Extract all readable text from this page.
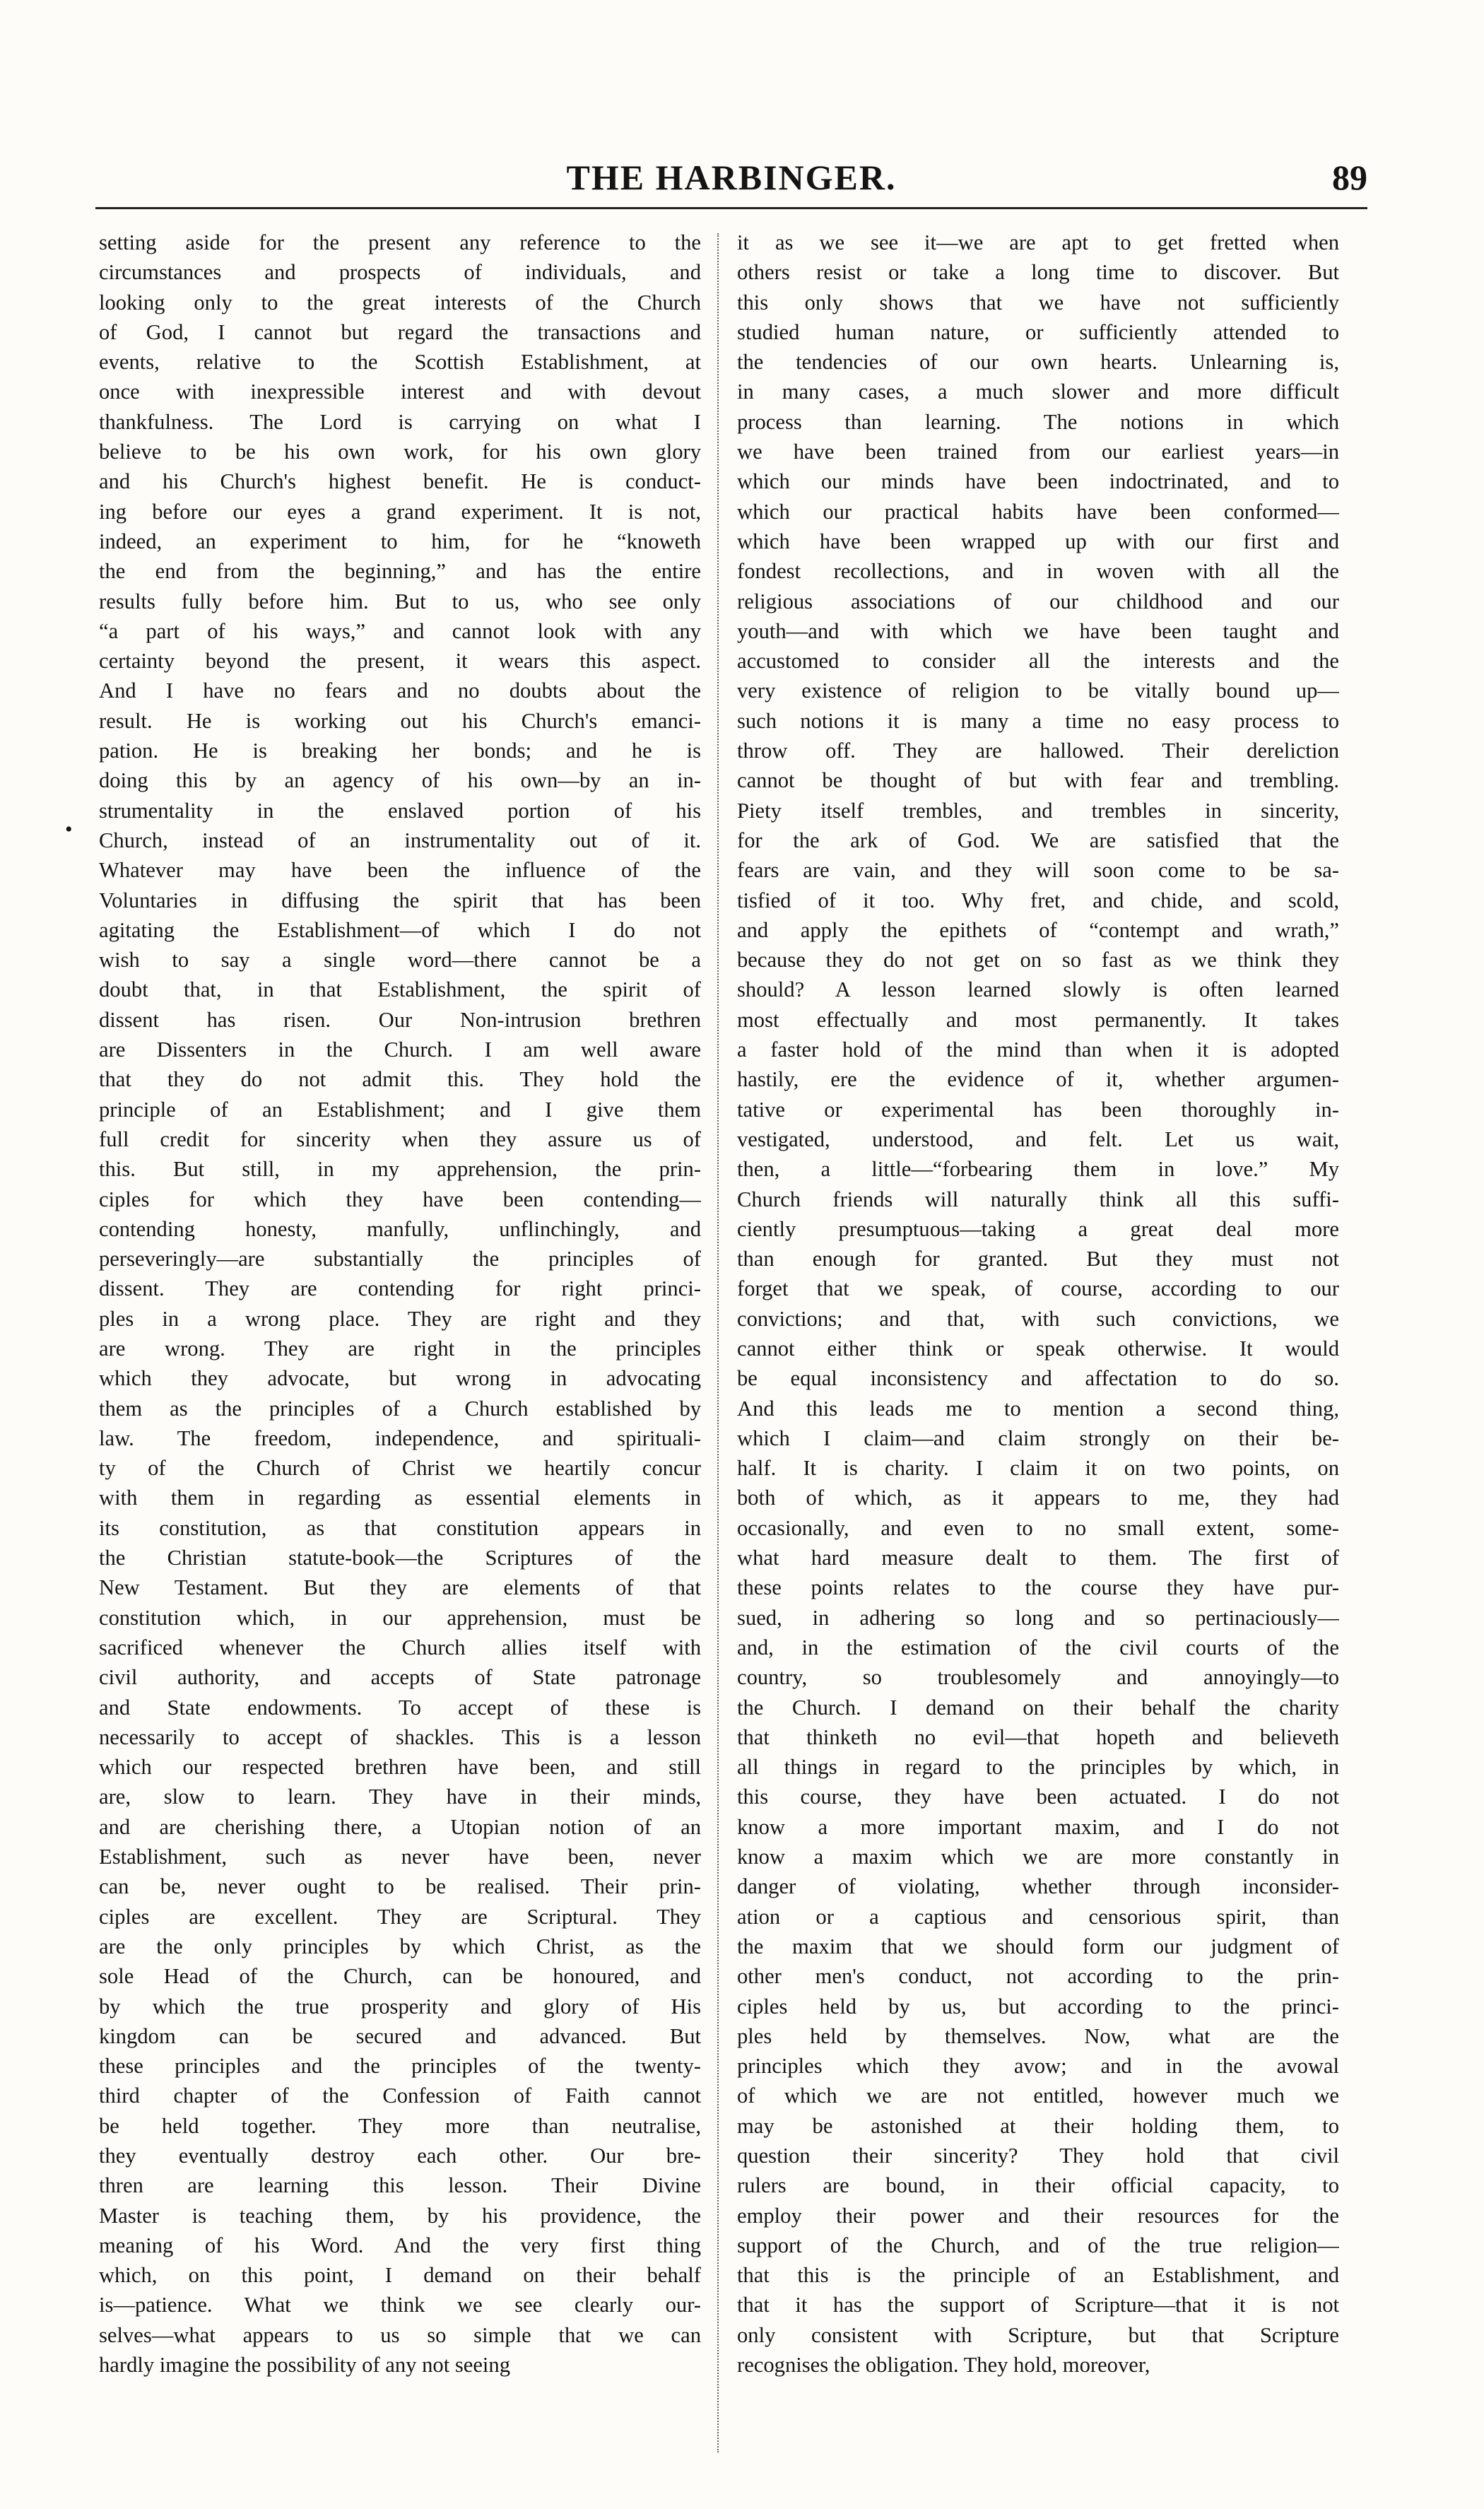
THE HARBINGER.	89
•
setting aside for the present any reference to the
circumstances and prospects of individuals, and
looking only to the great interests of the Church
of God, I cannot but regard the transactions and
events, relative to the Scottish Establishment, at
once with inexpressible interest and with devout
thankfulness. The Lord is carrying on what I
believe to be his own work, for his own glory
and his Church's highest benefit. He is conduct-
ing before our eyes a grand experiment. It is not,
indeed, an experiment to him, for he “knoweth
the end from the beginning,” and has the entire
results fully before him. But to us, who see only
“a part of his ways,” and cannot look with any
certainty beyond the present, it wears this aspect.
And I have no fears and no doubts about the
result. He is working out his Church's emanci-
pation. He is breaking her bonds; and he is
doing this by an agency of his own—by an in-
strumentality in the enslaved portion of his
Church, instead of an instrumentality out of it.
Whatever may have been the influence of the
Voluntaries in diffusing the spirit that has been
agitating the Establishment—of which I do not
wish to say a single word—there cannot be a
doubt that, in that Establishment, the spirit of
dissent has risen. Our Non-intrusion brethren
are Dissenters in the Church. I am well aware
that they do not admit this. They hold the
principle of an Establishment; and I give them
full credit for sincerity when they assure us of
this. But still, in my apprehension, the prin-
ciples for which they have been contending—
contending honesty, manfully, unflinchingly, and
perseveringly—are substantially the principles of
dissent. They are contending for right princi-
ples in a wrong place. They are right and they
are wrong. They are right in the principles
which they advocate, but wrong in advocating
them as the principles of a Church established by
law. The freedom, independence, and spirituali-
ty of the Church of Christ we heartily concur
with them in regarding as essential elements in
its constitution, as that constitution appears in
the Christian statute-book—the Scriptures of the
New Testament. But they are elements of that
constitution which, in our apprehension, must be
sacrificed whenever the Church allies itself with
civil authority, and accepts of State patronage
and State endowments. To accept of these is
necessarily to accept of shackles. This is a lesson
which our respected brethren have been, and still
are, slow to learn. They have in their minds,
and are cherishing there, a Utopian notion of an
Establishment, such as never have been, never
can be, never ought to be realised. Their prin-
ciples are excellent. They are Scriptural. They
are the only principles by which Christ, as the
sole Head of the Church, can be honoured, and
by which the true prosperity and glory of His
kingdom can be secured and advanced. But
these principles and the principles of the twenty-
third chapter of the Confession of Faith cannot
be held together. They more than neutralise,
they eventually destroy each other. Our bre-
thren are learning this lesson. Their Divine
Master is teaching them, by his providence, the
meaning of his Word. And the very first thing
which, on this point, I demand on their behalf
is—patience. What we think we see clearly our-
selves—what appears to us so simple that we can
hardly imagine the possibility of any not seeing
it as we see it—we are apt to get fretted when
others resist or take a long time to discover. But
this only shows that we have not sufficiently
studied human nature, or sufficiently attended to
the tendencies of our own hearts. Unlearning is,
in many cases, a much slower and more difficult
process than learning. The notions in which
we have been trained from our earliest years—in
which our minds have been indoctrinated, and to
which our practical habits have been conformed—
which have been wrapped up with our first and
fondest recollections, and in woven with all the
religious associations of our childhood and our
youth—and with which we have been taught and
accustomed to consider all the interests and the
very existence of religion to be vitally bound up—
such notions it is many a time no easy process to
throw off. They are hallowed. Their dereliction
cannot be thought of but with fear and trembling.
Piety itself trembles, and trembles in sincerity,
for the ark of God. We are satisfied that the
fears are vain, and they will soon come to be sa-
tisfied of it too. Why fret, and chide, and scold,
and apply the epithets of “contempt and wrath,”
because they do not get on so fast as we think they
should? A lesson learned slowly is often learned
most effectually and most permanently. It takes
a faster hold of the mind than when it is adopted
hastily, ere the evidence of it, whether argumen-
tative or experimental has been thoroughly in-
vestigated, understood, and felt. Let us wait,
then, a little—“forbearing them in love.” My
Church friends will naturally think all this suffi-
ciently presumptuous—taking a great deal more
than enough for granted. But they must not
forget that we speak, of course, according to our
convictions; and that, with such convictions, we
cannot either think or speak otherwise. It would
be equal inconsistency and affectation to do so.
And this leads me to mention a second thing,
which I claim—and claim strongly on their be-
half. It is charity. I claim it on two points, on
both of which, as it appears to me, they had
occasionally, and even to no small extent, some-
what hard measure dealt to them. The first of
these points relates to the course they have pur-
sued, in adhering so long and so pertinaciously—
and, in the estimation of the civil courts of the
country, so troublesomely and annoyingly—to
the Church. I demand on their behalf the charity
that thinketh no evil—that hopeth and believeth
all things in regard to the principles by which, in
this course, they have been actuated. I do not
know a more important maxim, and I do not
know a maxim which we are more constantly in
danger of violating, whether through inconsider-
ation or a captious and censorious spirit, than
the maxim that we should form our judgment of
other men's conduct, not according to the prin-
ciples held by us, but according to the princi-
ples held by themselves. Now, what are the
principles which they avow; and in the avowal
of which we are not entitled, however much we
may be astonished at their holding them, to
question their sincerity? They hold that civil
rulers are bound, in their official capacity, to
employ their power and their resources for the
support of the Church, and of the true religion—
that this is the principle of an Establishment, and
that it has the support of Scripture—that it is not
only consistent with Scripture, but that Scripture
recognises the obligation. They hold, moreover,
